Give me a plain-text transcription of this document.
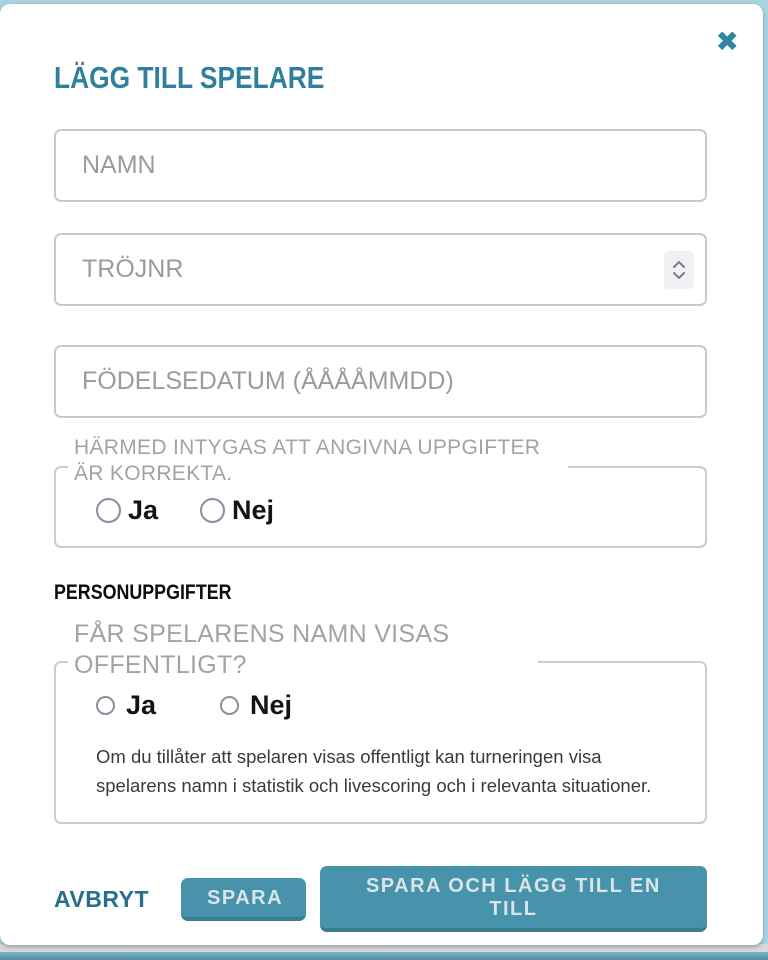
✖
LÄGG TILL SPELARE
NAMN
TRÖJNR
FÖDELSEDATUM (ÅÅÅÅMMDD)
HÄRMED INTYGAS ATT ANGIVNA UPPGIFTER ÄR KORREKTA.
Ja	Nej
PERSONUPPGIFTER
FÅR SPELARENS NAMN VISAS OFFENTLIGT?
Ja	Nej

Om du tillåter att spelaren visas offentligt kan turneringen visa spelarens namn i statistik och livescoring och i relevanta situationer.

AVBRYT	SPARA
SPARA OCH LÄGG TILL EN TILL
